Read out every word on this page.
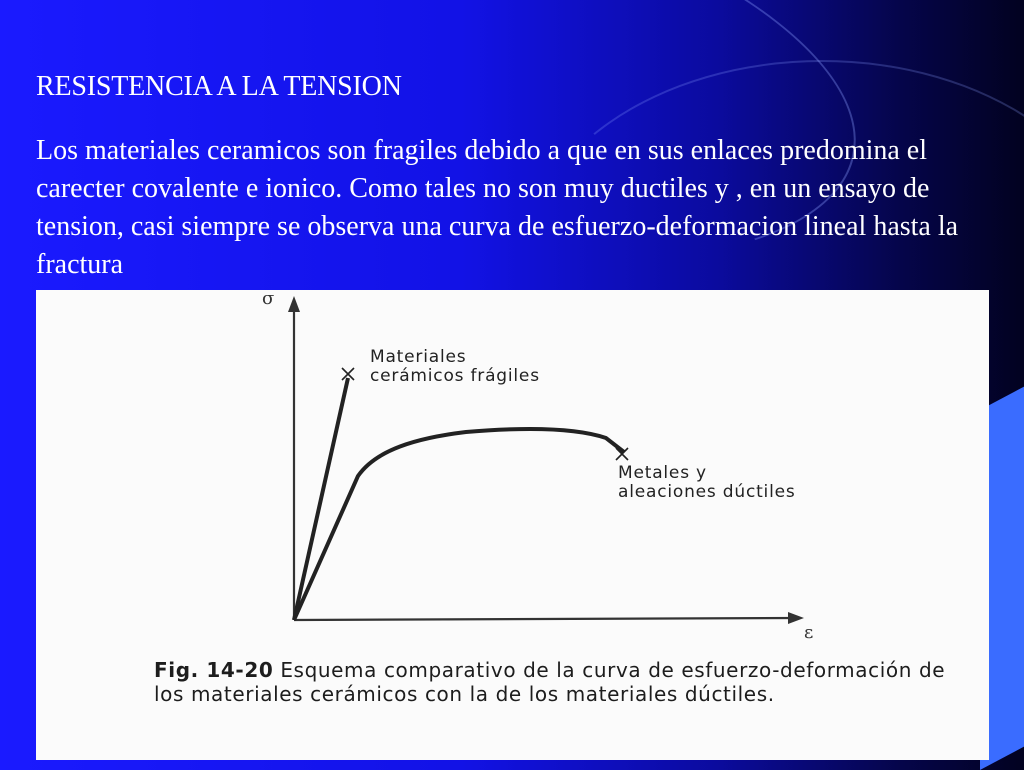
RESISTENCIA A LA TENSION
Los materiales ceramicos son fragiles debido a que en sus enlaces predomina el carecter covalente e ionico. Como tales no son muy ductiles y , en un ensayo de tension, casi siempre se observa una curva de esfuerzo-deformacion lineal hasta la fractura
σ
ε
Materiales
cerámicos frágiles
Metales y
aleaciones dúctiles
Fig. 14-20 Esquema comparativo de la curva de esfuerzo-deformación de los materiales cerámicos con la de los materiales dúctiles.
